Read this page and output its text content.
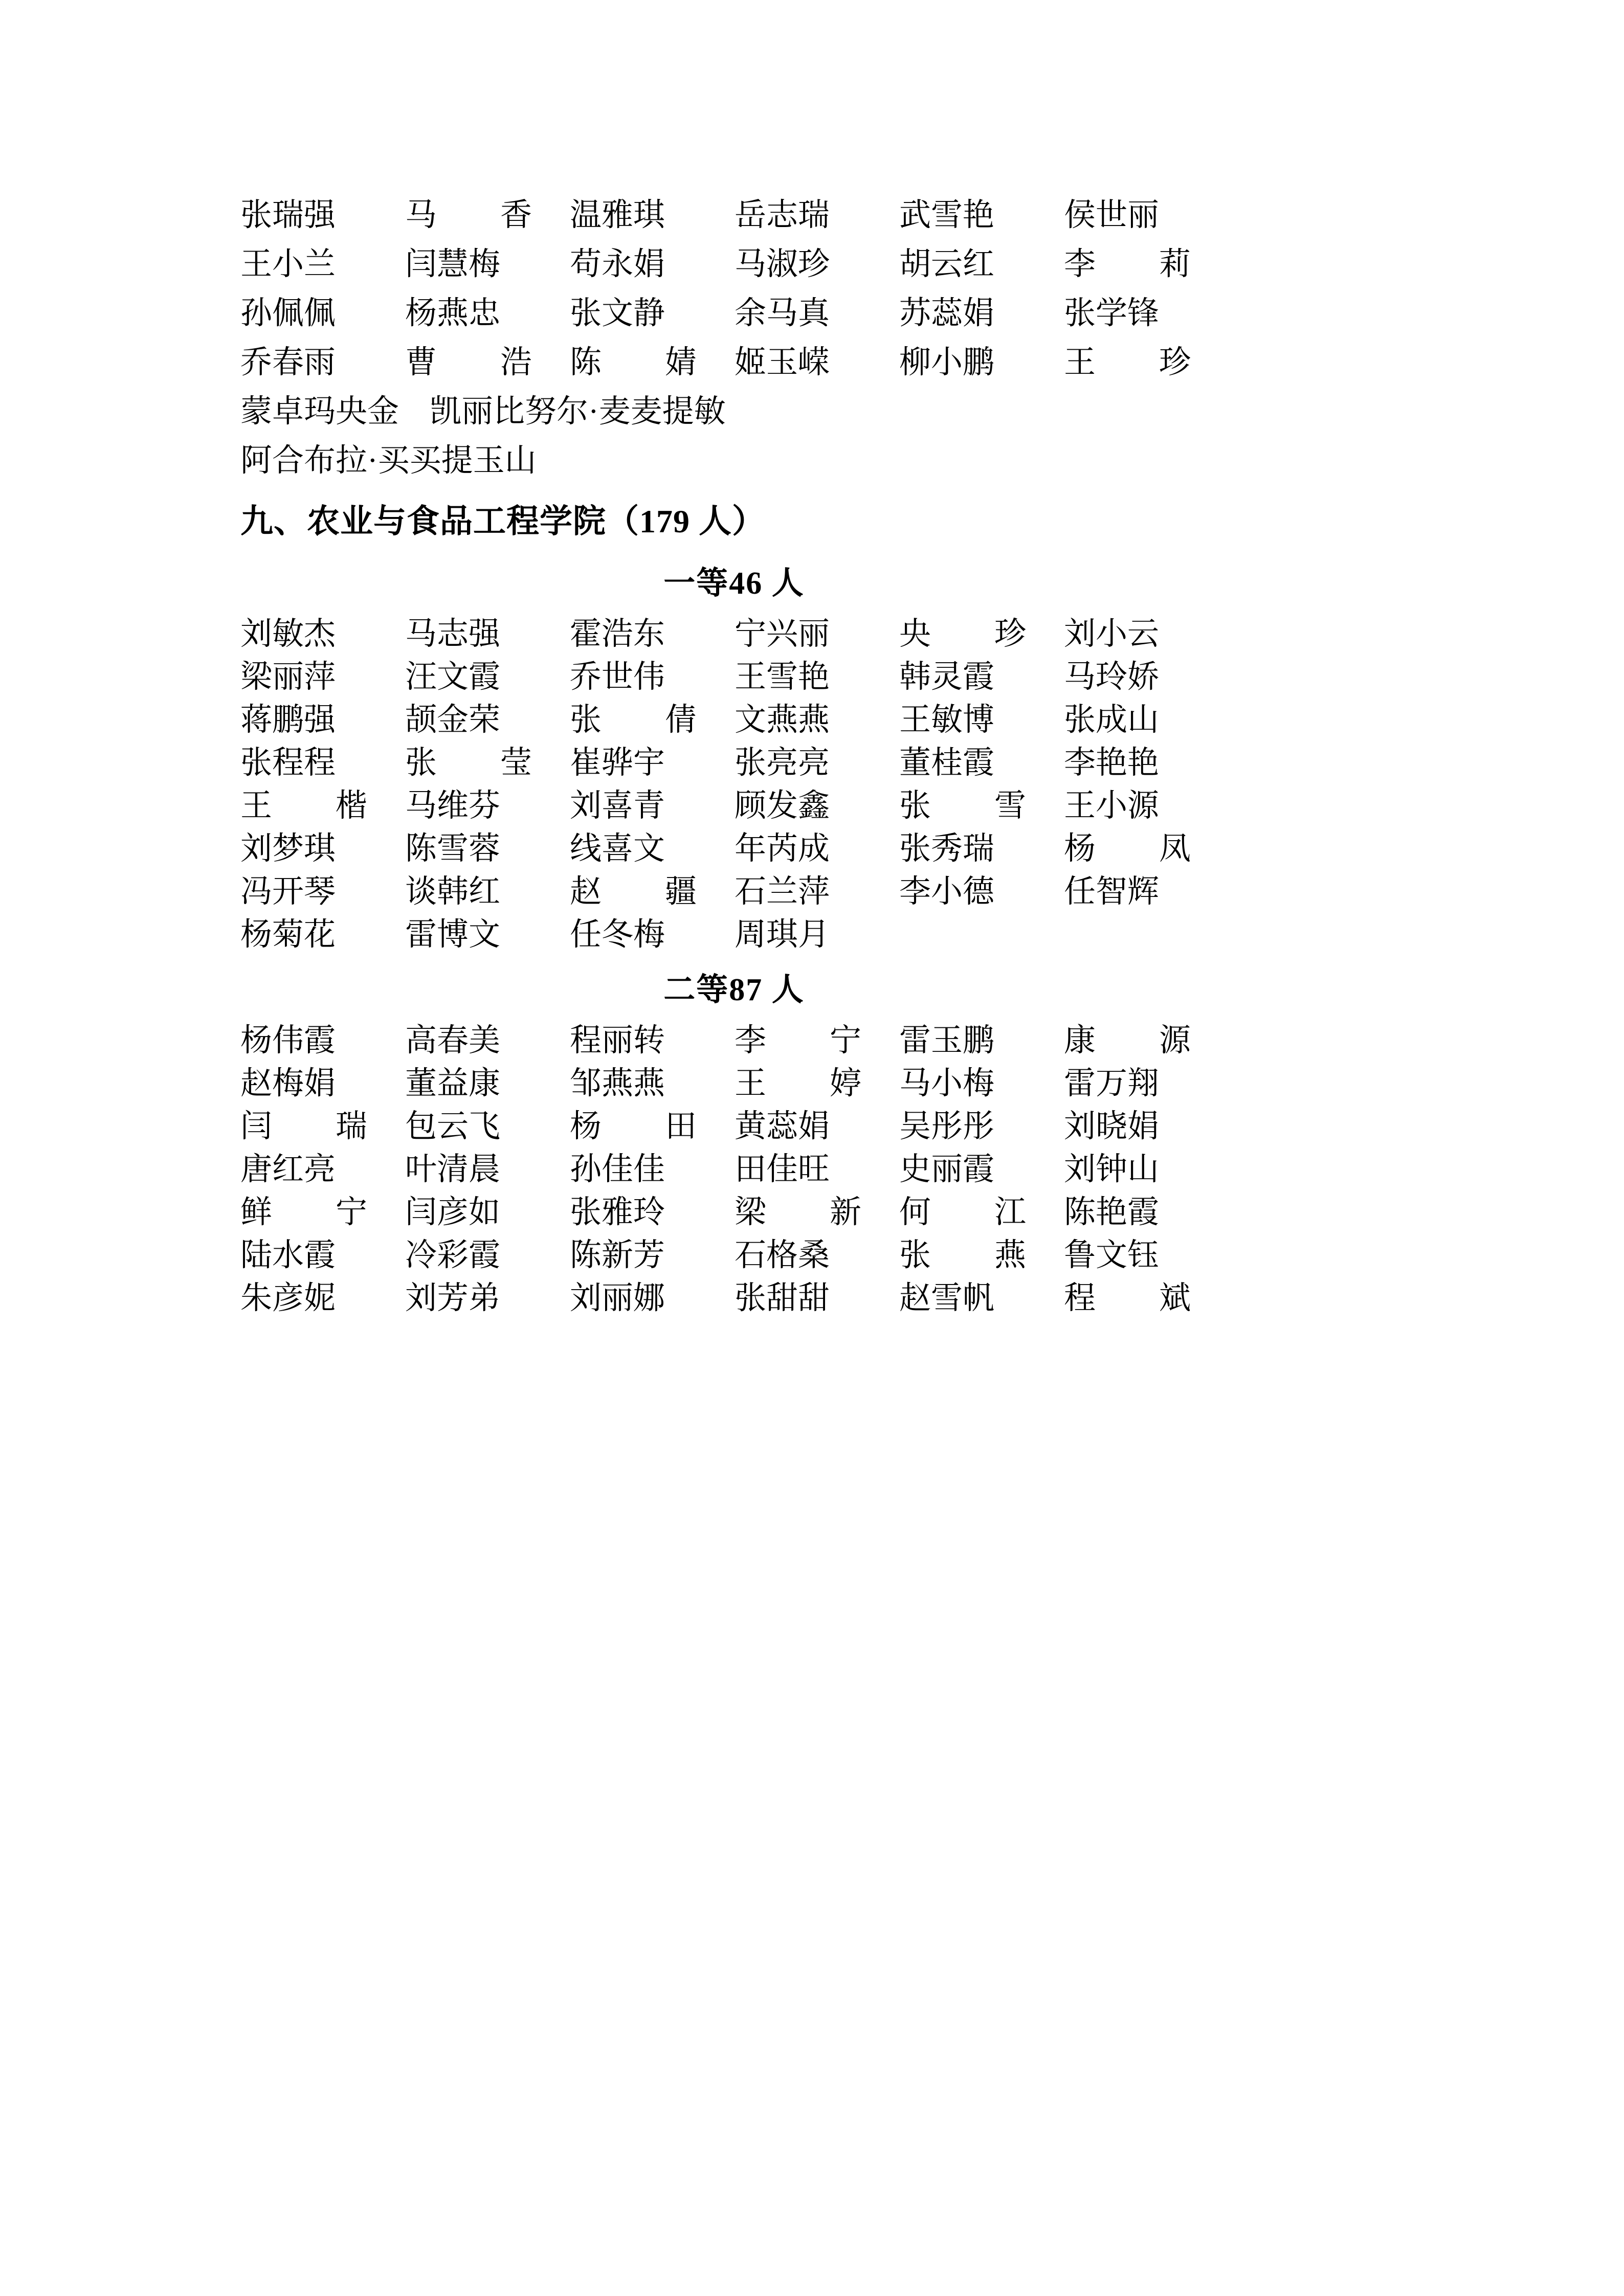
张瑞强	马香	温雅琪	岳志瑞	武雪艳	侯世丽
王小兰	闫慧梅	苟永娟	马淑珍	胡云红	李莉
孙佩佩	杨燕忠	张文静	余马真	苏蕊娟	张学锋
乔春雨	曹浩	陈婧	姬玉嵘	柳小鹏	王珍
蒙卓玛央金 凯丽比努尔·麦麦提敏
阿合布拉·买买提玉山
九、农业与食品工程学院（179 人）
一等46 人
刘敏杰	马志强	霍浩东	宁兴丽	央珍	刘小云
梁丽萍	汪文霞	乔世伟	王雪艳	韩灵霞	马玲娇
蒋鹏强	颉金荣	张倩	文燕燕	王敏博	张成山
张程程	张莹	崔骅宇	张亮亮	董桂霞	李艳艳
王楷	马维芬	刘喜青	顾发鑫	张雪	王小源
刘梦琪	陈雪蓉	线喜文	年芮成	张秀瑞	杨凤
冯开琴	谈韩红	赵疆	石兰萍	李小德	任智辉
杨菊花	雷博文	任冬梅	周琪月
二等87 人
杨伟霞	高春美	程丽转	李宁	雷玉鹏	康源
赵梅娟	董益康	邹燕燕	王婷	马小梅	雷万翔
闫瑞	包云飞	杨田	黄蕊娟	吴彤彤	刘晓娟
唐红亮	叶清晨	孙佳佳	田佳旺	史丽霞	刘钟山
鲜宁	闫彦如	张雅玲	梁新	何江	陈艳霞
陆水霞	冷彩霞	陈新芳	石格桑	张燕	鲁文钰
朱彦妮	刘芳弟	刘丽娜	张甜甜	赵雪帆	程斌
